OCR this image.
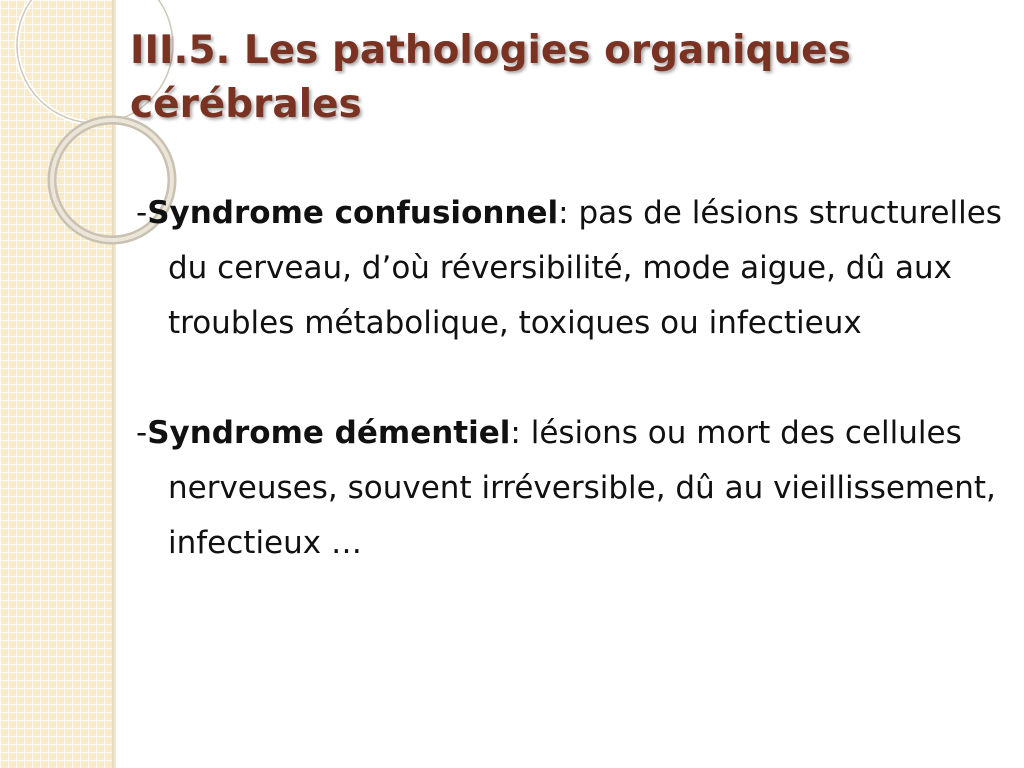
III.5. Les pathologies organiques cérébrales

-Syndrome confusionnel: pas de lésions structurelles du cerveau, d’où réversibilité, mode aigue, dû aux troubles métabolique, toxiques ou infectieux

-Syndrome démentiel: lésions ou mort des cellules nerveuses, souvent irréversible, dû au vieillissement, infectieux …
